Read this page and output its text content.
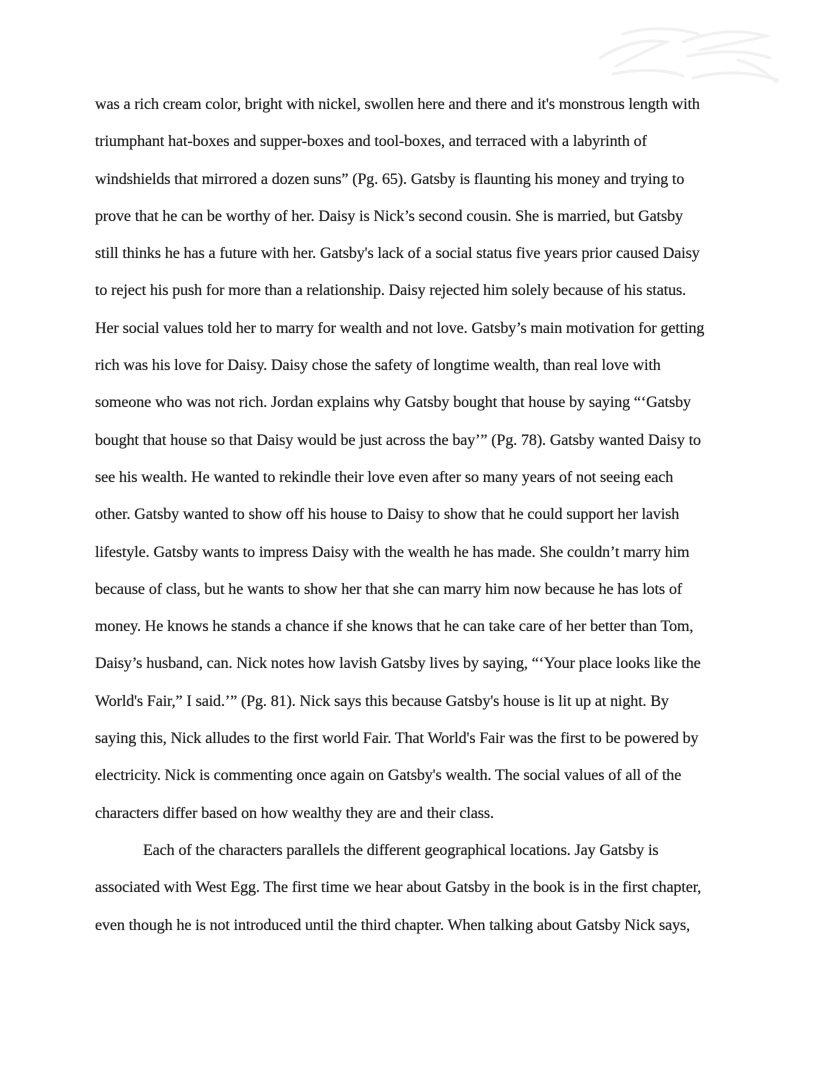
was a rich cream color, bright with nickel, swollen here and there and it's monstrous length with
triumphant hat-boxes and supper-boxes and tool-boxes, and terraced with a labyrinth of
windshields that mirrored a dozen suns” (Pg. 65). Gatsby is flaunting his money and trying to
prove that he can be worthy of her. Daisy is Nick’s second cousin. She is married, but Gatsby
still thinks he has a future with her. Gatsby's lack of a social status five years prior caused Daisy
to reject his push for more than a relationship. Daisy rejected him solely because of his status.
Her social values told her to marry for wealth and not love. Gatsby’s main motivation for getting
rich was his love for Daisy. Daisy chose the safety of longtime wealth, than real love with
someone who was not rich. Jordan explains why Gatsby bought that house by saying “‘Gatsby
bought that house so that Daisy would be just across the bay’” (Pg. 78). Gatsby wanted Daisy to
see his wealth. He wanted to rekindle their love even after so many years of not seeing each
other. Gatsby wanted to show off his house to Daisy to show that he could support her lavish
lifestyle. Gatsby wants to impress Daisy with the wealth he has made. She couldn’t marry him
because of class, but he wants to show her that she can marry him now because he has lots of
money. He knows he stands a chance if she knows that he can take care of her better than Tom,
Daisy’s husband, can. Nick notes how lavish Gatsby lives by saying, “‘Your place looks like the
World's Fair,” I said.’” (Pg. 81). Nick says this because Gatsby's house is lit up at night. By
saying this, Nick alludes to the first world Fair. That World's Fair was the first to be powered by
electricity. Nick is commenting once again on Gatsby's wealth. The social values of all of the
characters differ based on how wealthy they are and their class.
Each of the characters parallels the different geographical locations. Jay Gatsby is
associated with West Egg. The first time we hear about Gatsby in the book is in the first chapter,
even though he is not introduced until the third chapter. When talking about Gatsby Nick says,
